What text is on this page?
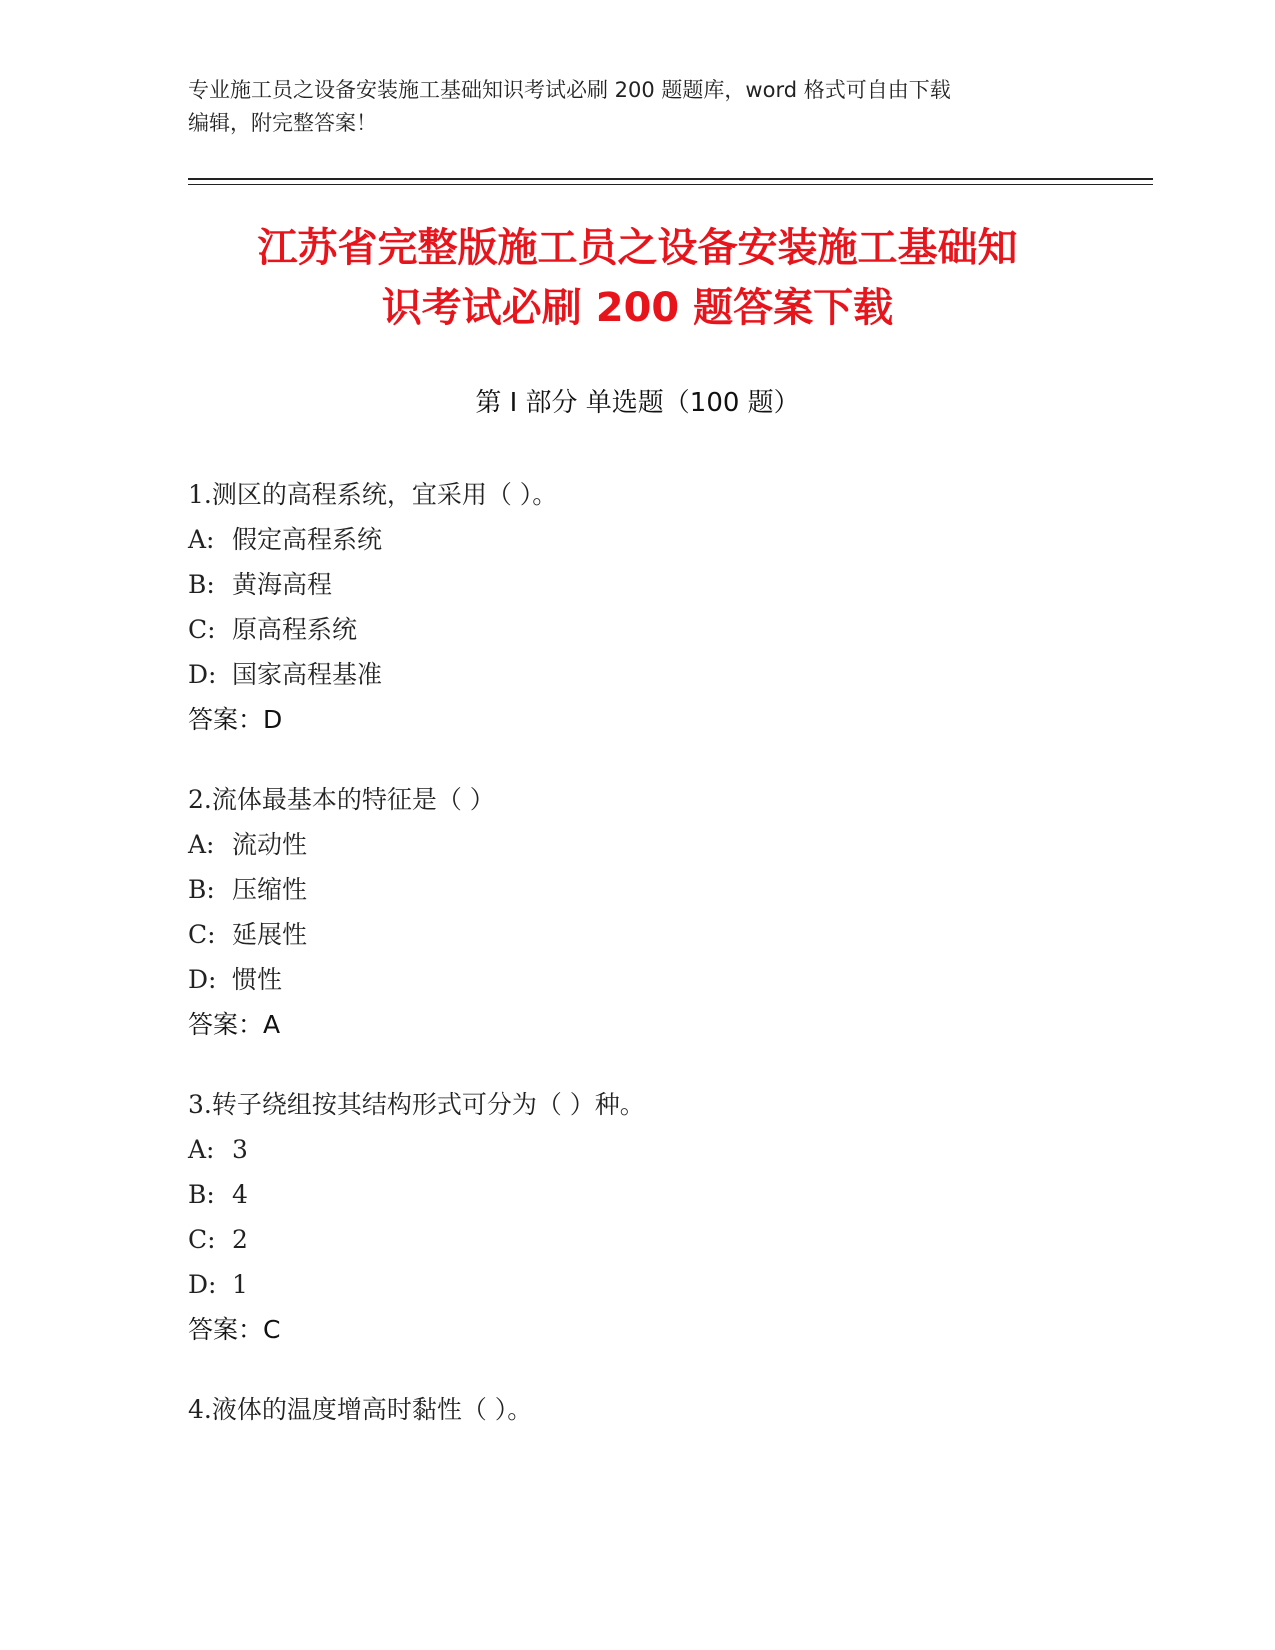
专业施工员之设备安装施工基础知识考试必刷 200 题题库，word 格式可自由下载
编辑，附完整答案！
江苏省完整版施工员之设备安装施工基础知
识考试必刷 200 题答案下载
第 I 部分 单选题（100 题）
1.测区的高程系统，宜采用（ ）。
A: 假定高程系统
B: 黄海高程
C: 原高程系统
D: 国家高程基准
答案：D
2.流体最基本的特征是（ ）
A: 流动性
B: 压缩性
C: 延展性
D: 惯性
答案：A
3.转子绕组按其结构形式可分为（ ）种。
A: 3
B: 4
C: 2
D: 1
答案：C
4.液体的温度增高时黏性（ ）。
